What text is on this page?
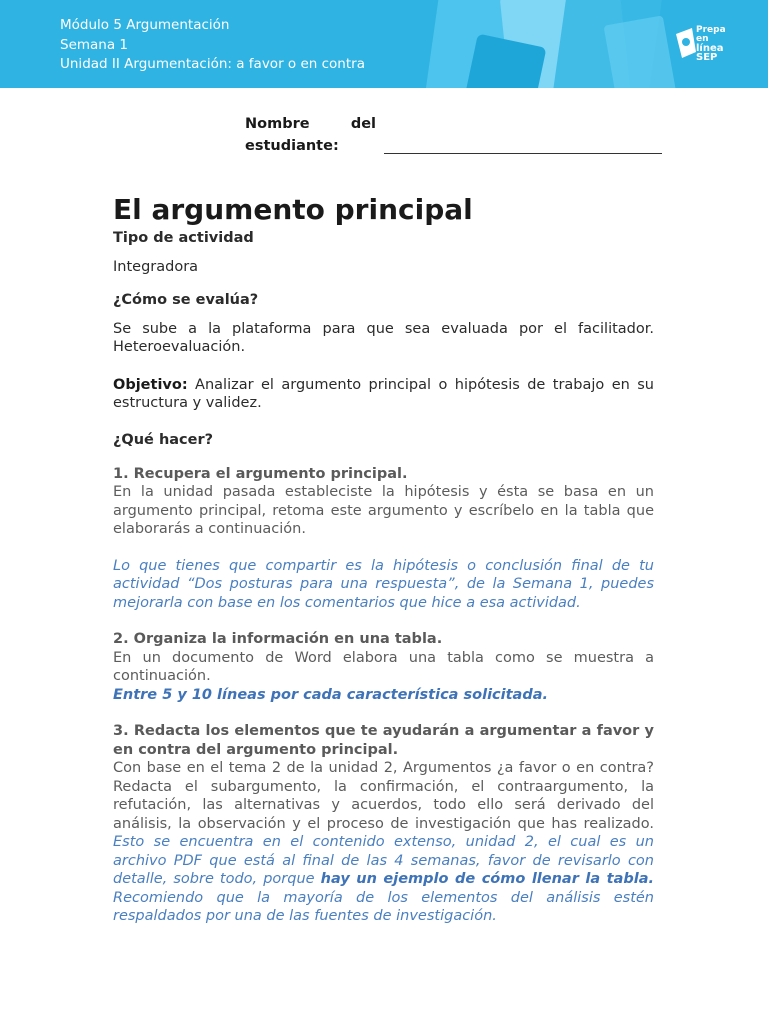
Módulo 5 Argumentación
Semana 1
Unidad II Argumentación: a favor o en contra
Prepa en
línea
SEP
Nombre	del
estudiante:
El argumento principal
Tipo de actividad

Integradora

¿Cómo se evalúa?

Se sube a la plataforma para que sea evaluada por el facilitador. Heteroevaluación.

Objetivo: Analizar el argumento principal o hipótesis de trabajo en su estructura y validez.

¿Qué hacer?
1. Recupera el argumento principal.

En la unidad pasada estableciste la hipótesis y ésta se basa en un argumento principal, retoma este argumento y escríbelo en la tabla que elaborarás a continuación.

Lo que tienes que compartir es la hipótesis o conclusión final de tu actividad “Dos posturas para una respuesta”, de la Semana 1, puedes mejorarla con base en los comentarios que hice a esa actividad.

2. Organiza la información en una tabla.

En un documento de Word elabora una tabla como se muestra a continuación.

Entre 5 y 10 líneas por cada característica solicitada.

3. Redacta los elementos que te ayudarán a argumentar a favor y en contra del argumento principal.

Con base en el tema 2 de la unidad 2, Argumentos ¿a favor o en contra? Redacta el subargumento, la confirmación, el contraargumento, la refutación, las alternativas y acuerdos, todo ello será derivado del análisis, la observación y el proceso de investigación que has realizado. Esto se encuentra en el contenido extenso, unidad 2, el cual es un archivo PDF que está al final de las 4 semanas, favor de revisarlo con detalle, sobre todo, porque hay un ejemplo de cómo llenar la tabla. Recomiendo que la mayoría de los elementos del análisis estén respaldados por una de las fuentes de investigación.
